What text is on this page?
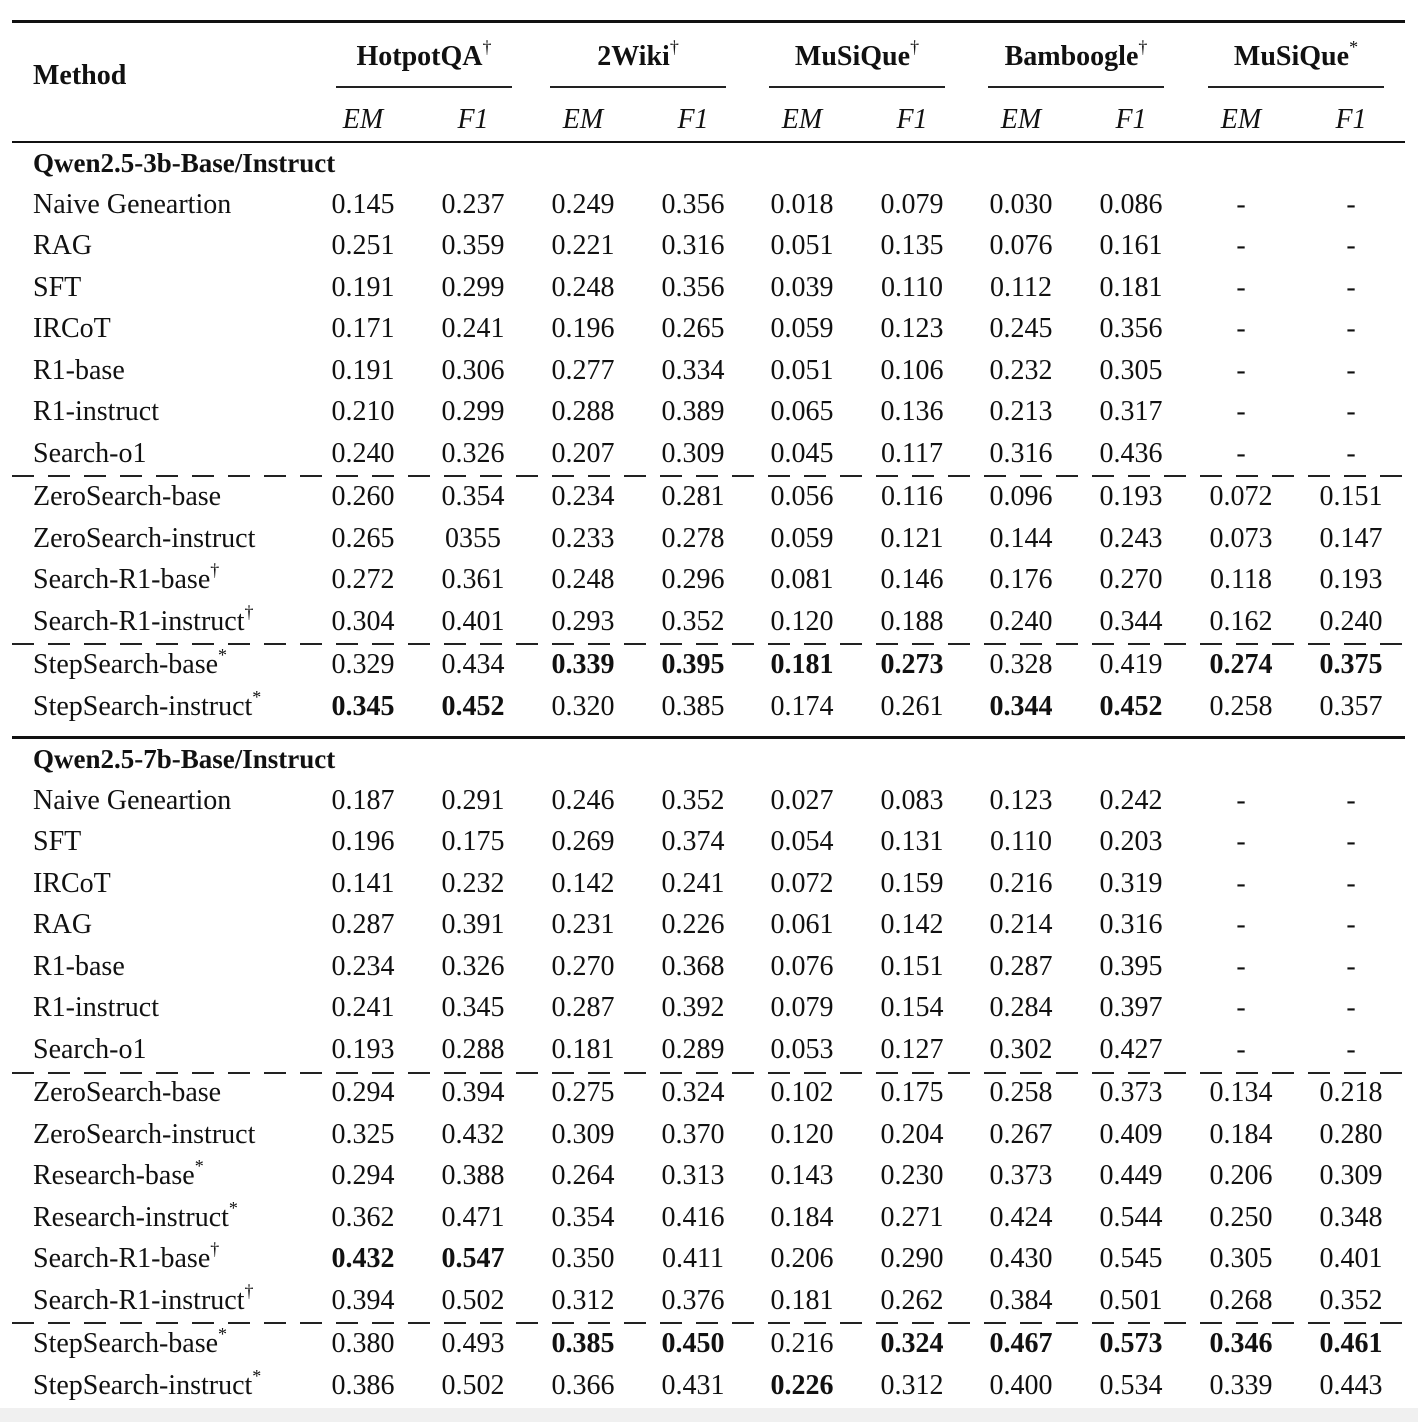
Method
HotpotQA†	2Wiki†	MuSiQue†	Bamboogle†	MuSiQue*
EM	F1	EM	F1	EM	F1	EM	F1	EM	F1
Qwen2.5-3b-Base/Instruct
Naive Geneartion	0.145	0.237	0.249	0.356	0.018	0.079	0.030	0.086	-	-
RAG	0.251	0.359	0.221	0.316	0.051	0.135	0.076	0.161	-	-
SFT	0.191	0.299	0.248	0.356	0.039	0.110	0.112	0.181	-	-
IRCoT	0.171	0.241	0.196	0.265	0.059	0.123	0.245	0.356	-	-
R1-base	0.191	0.306	0.277	0.334	0.051	0.106	0.232	0.305	-	-
R1-instruct	0.210	0.299	0.288	0.389	0.065	0.136	0.213	0.317	-	-
Search-o1	0.240	0.326	0.207	0.309	0.045	0.117	0.316	0.436	-	-
ZeroSearch-base	0.260	0.354	0.234	0.281	0.056	0.116	0.096	0.193	0.072	0.151
ZeroSearch-instruct	0.265	0355	0.233	0.278	0.059	0.121	0.144	0.243	0.073	0.147
Search-R1-base†	0.272	0.361	0.248	0.296	0.081	0.146	0.176	0.270	0.118	0.193
Search-R1-instruct†	0.304	0.401	0.293	0.352	0.120	0.188	0.240	0.344	0.162	0.240
StepSearch-base*	0.329	0.434	0.339	0.395	0.181	0.273	0.328	0.419	0.274	0.375
StepSearch-instruct*	0.345	0.452	0.320	0.385	0.174	0.261	0.344	0.452	0.258	0.357
Qwen2.5-7b-Base/Instruct
Naive Geneartion	0.187	0.291	0.246	0.352	0.027	0.083	0.123	0.242	-	-
SFT	0.196	0.175	0.269	0.374	0.054	0.131	0.110	0.203	-	-
IRCoT	0.141	0.232	0.142	0.241	0.072	0.159	0.216	0.319	-	-
RAG	0.287	0.391	0.231	0.226	0.061	0.142	0.214	0.316	-	-
R1-base	0.234	0.326	0.270	0.368	0.076	0.151	0.287	0.395	-	-
R1-instruct	0.241	0.345	0.287	0.392	0.079	0.154	0.284	0.397	-	-
Search-o1	0.193	0.288	0.181	0.289	0.053	0.127	0.302	0.427	-	-
ZeroSearch-base	0.294	0.394	0.275	0.324	0.102	0.175	0.258	0.373	0.134	0.218
ZeroSearch-instruct	0.325	0.432	0.309	0.370	0.120	0.204	0.267	0.409	0.184	0.280
Research-base*	0.294	0.388	0.264	0.313	0.143	0.230	0.373	0.449	0.206	0.309
Research-instruct*	0.362	0.471	0.354	0.416	0.184	0.271	0.424	0.544	0.250	0.348
Search-R1-base†	0.432	0.547	0.350	0.411	0.206	0.290	0.430	0.545	0.305	0.401
Search-R1-instruct†	0.394	0.502	0.312	0.376	0.181	0.262	0.384	0.501	0.268	0.352
StepSearch-base*	0.380	0.493	0.385	0.450	0.216	0.324	0.467	0.573	0.346	0.461
StepSearch-instruct*	0.386	0.502	0.366	0.431	0.226	0.312	0.400	0.534	0.339	0.443
